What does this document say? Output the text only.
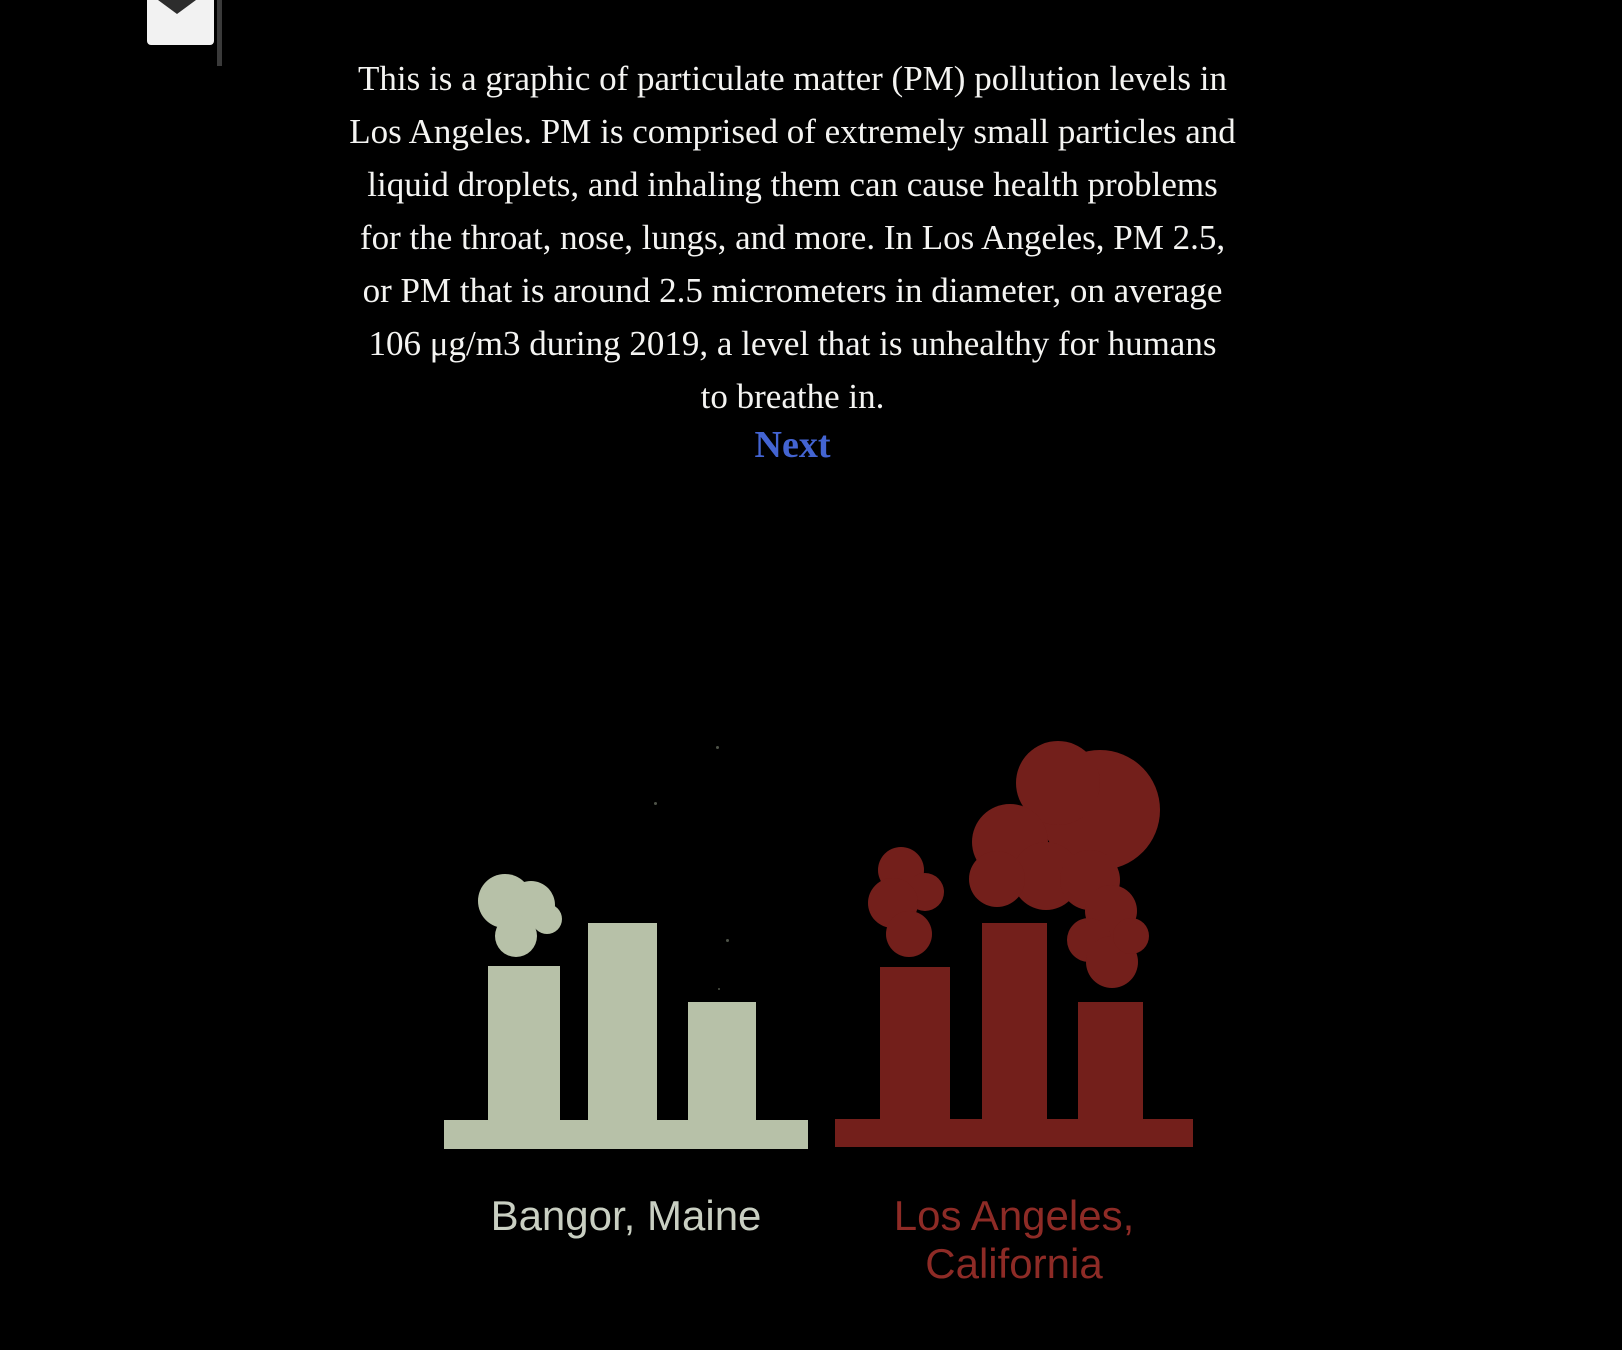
This is a graphic of particulate matter (PM) pollution levels in
Los Angeles. PM is comprised of extremely small particles and
liquid droplets, and inhaling them can cause health problems
for the throat, nose, lungs, and more. In Los Angeles, PM 2.5,
or PM that is around 2.5 micrometers in diameter, on average
106 μg/m3 during 2019, a level that is unhealthy for humans
to breathe in.
Next
Bangor, Maine	Los Angeles,
California
